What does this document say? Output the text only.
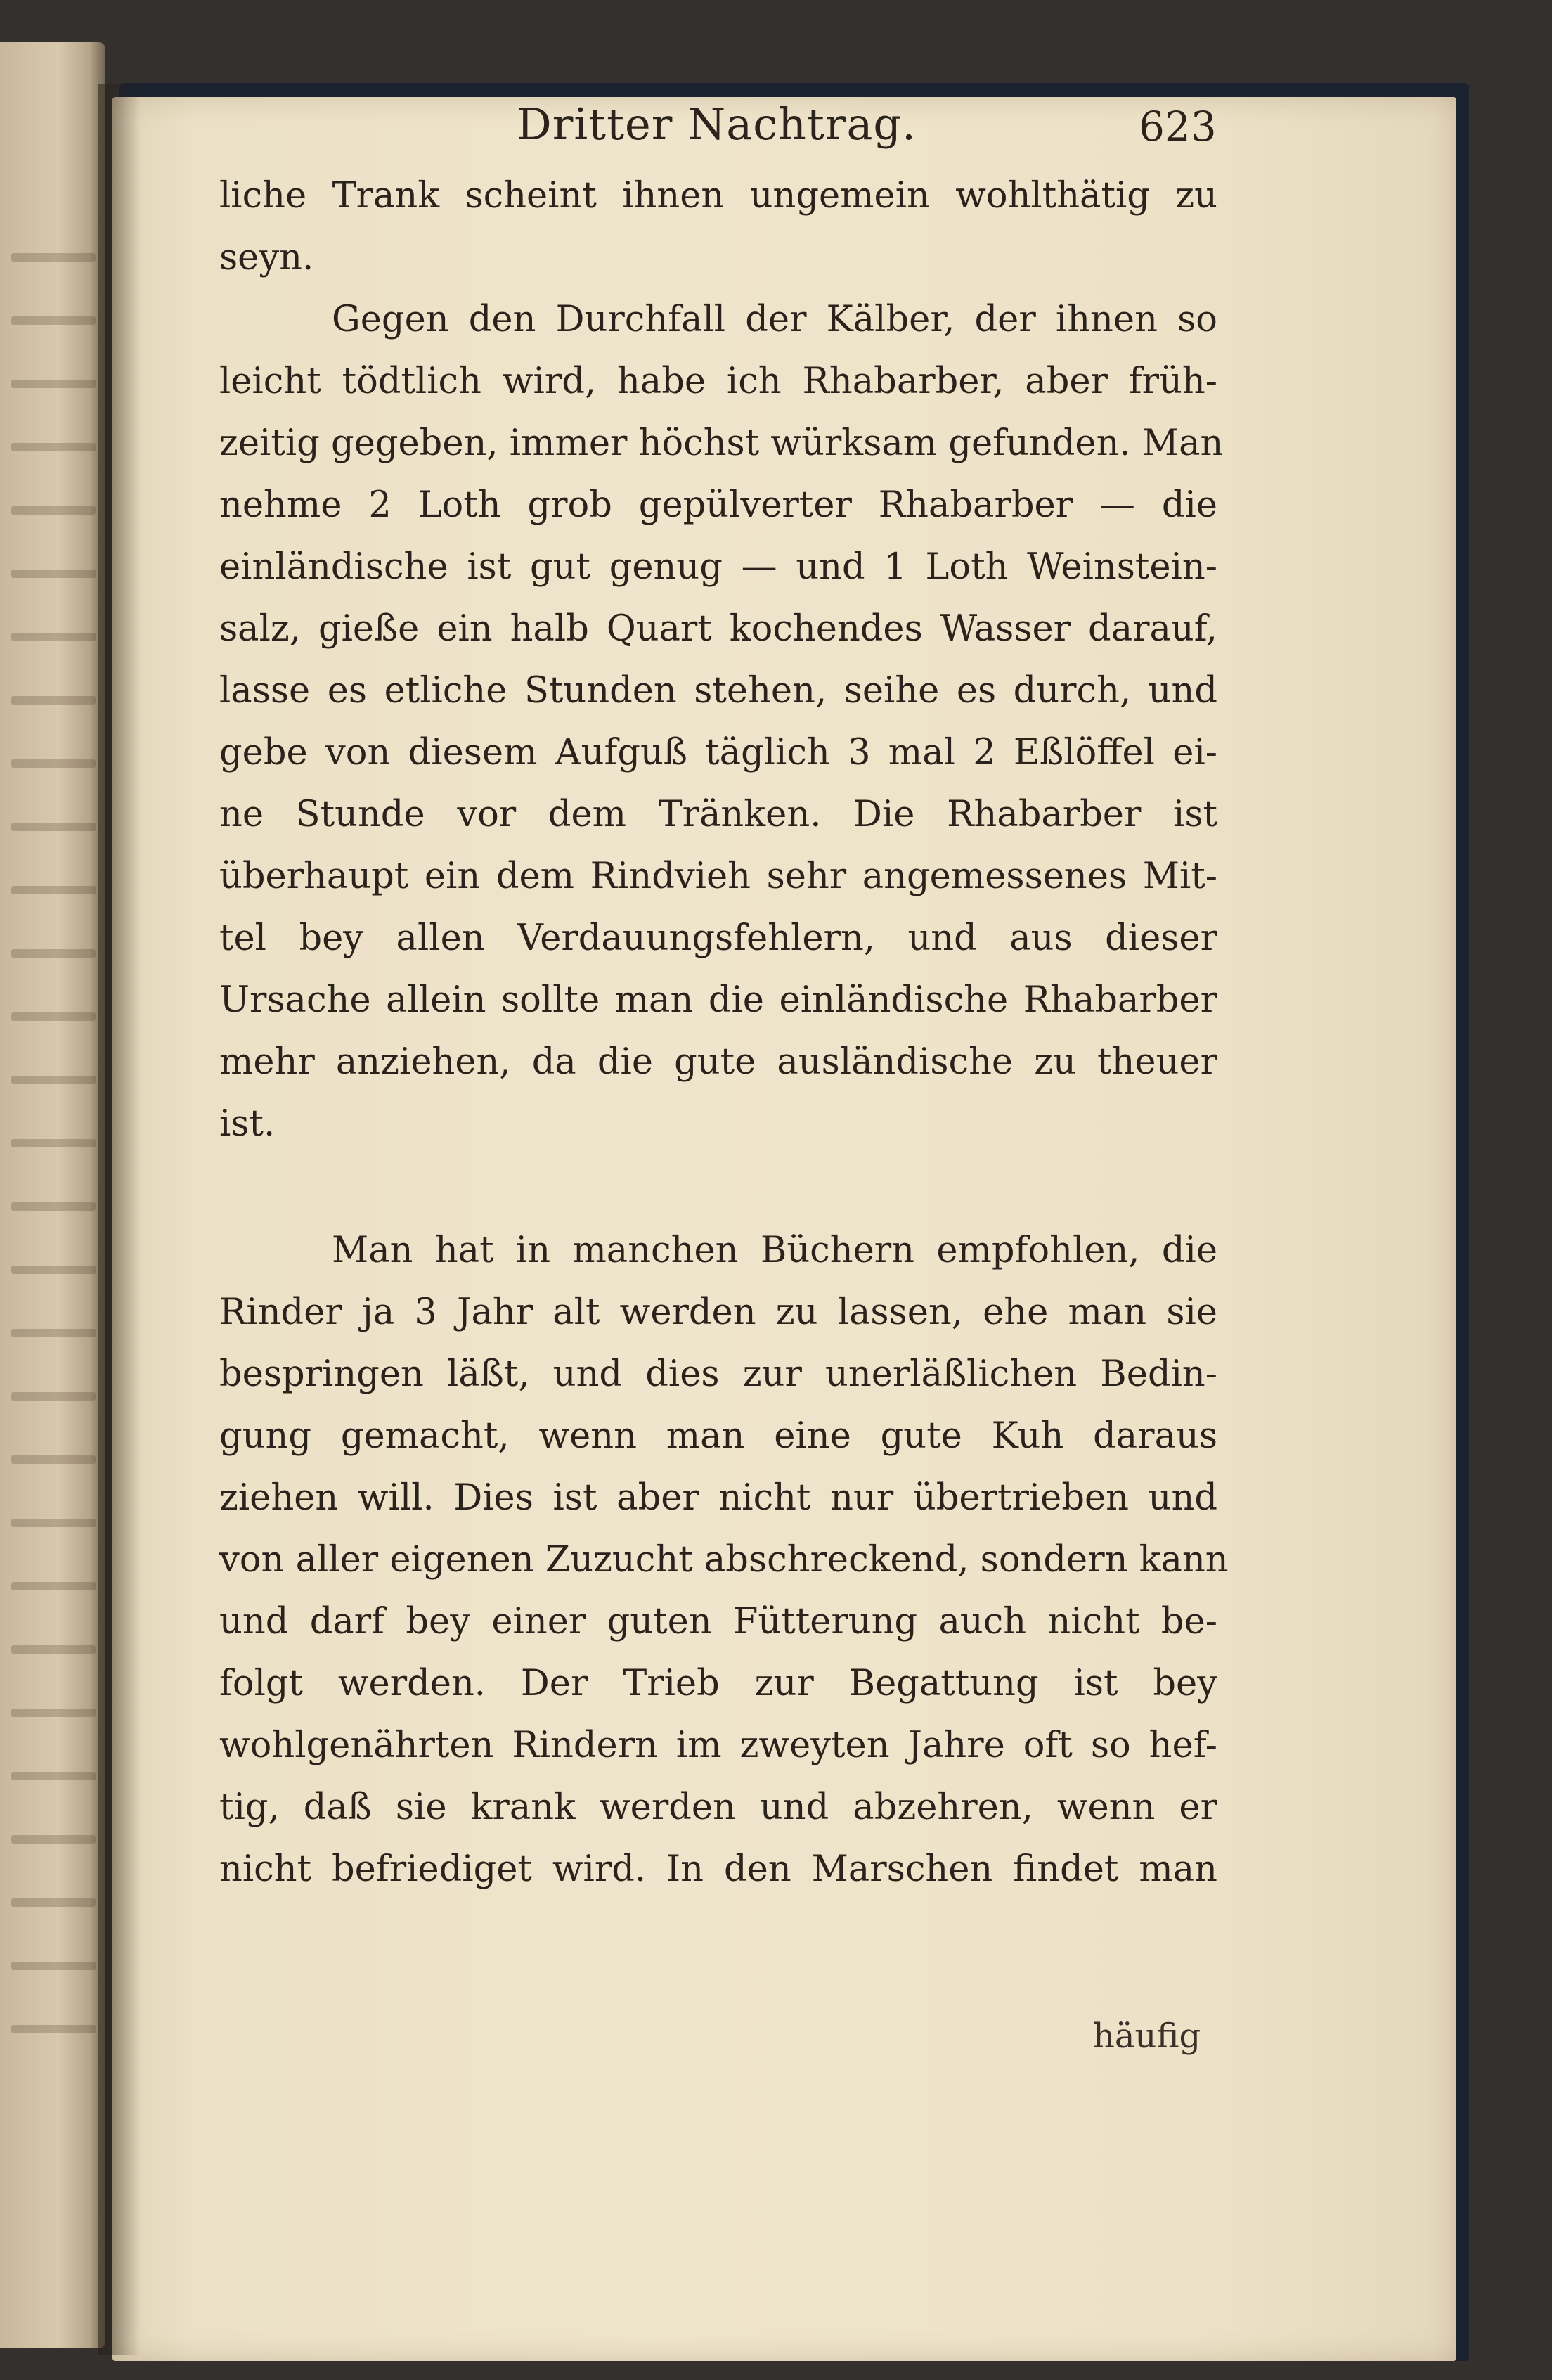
Dritter Nachtrag.	623
liche Trank scheint ihnen ungemein wohlthätig zu
seyn.
Gegen den Durchfall der Kälber, der ihnen so
leicht tödtlich wird, habe ich Rhabarber, aber früh-
zeitig gegeben, immer höchst würksam gefunden. Man
nehme 2 Loth grob gepülverter Rhabarber — die
einländische ist gut genug — und 1 Loth Weinstein-
salz, gieße ein halb Quart kochendes Wasser darauf,
lasse es etliche Stunden stehen, seihe es durch, und
gebe von diesem Aufguß täglich 3 mal 2 Eßlöffel ei-
ne Stunde vor dem Tränken. Die Rhabarber ist
überhaupt ein dem Rindvieh sehr angemessenes Mit-
tel bey allen Verdauungsfehlern, und aus dieser
Ursache allein sollte man die einländische Rhabarber
mehr anziehen, da die gute ausländische zu theuer
ist.
Man hat in manchen Büchern empfohlen, die
Rinder ja 3 Jahr alt werden zu lassen, ehe man sie
bespringen läßt, und dies zur unerläßlichen Bedin-
gung gemacht, wenn man eine gute Kuh daraus
ziehen will. Dies ist aber nicht nur übertrieben und
von aller eigenen Zuzucht abschreckend, sondern kann
und darf bey einer guten Fütterung auch nicht be-
folgt werden. Der Trieb zur Begattung ist bey
wohlgenährten Rindern im zweyten Jahre oft so hef-
tig, daß sie krank werden und abzehren, wenn er
nicht befriediget wird. In den Marschen findet man
häufig
